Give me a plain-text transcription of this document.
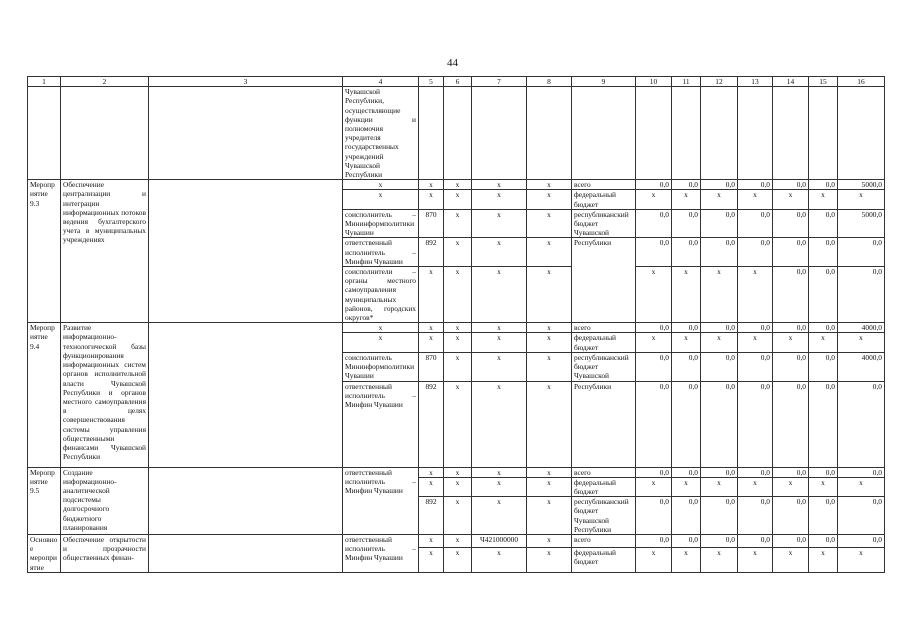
44
1	2	3	4	5	6	7	8	9	10	11	12	13	14	15	16
			Чувашской Республики, осуществляющие функции и полномочия учредителя государственных учреждений Чувашской Республики												
Мероприятие 9.3	Обеспечение централизации и интеграции информационных потоков ведения бухгалтерского учета в муниципальных учреждениях		x	x	x	x	x	всего	0,0	0,0	0,0	0,0	0,0	0,0	5000,0
			x	x	x	x	x	федеральный бюджет	x	x	x	x	x	x	x
			соисполнитель – Мининформполитики Чувашии	870	x	x	x	республиканский бюджет Чувашской	0,0	0,0	0,0	0,0	0,0	0,0	5000,0
			ответственный исполнитель – Минфин Чувашии	892	x	x	x	Республики	0,0	0,0	0,0	0,0	0,0	0,0	0,0
			соисполнители – органы местного самоуправления муниципальных районов, городских округов*	x	x	x	x		x	x	x	x	0,0	0,0	0,0
Мероприятие 9.4	Развитие информационно-технологической базы функционирования информационных систем органов исполнительной власти Чувашской Республики и органов местного самоуправления в целях совершенствования системы управления общественными финансами Чувашской Республики		x	x	x	x	x	всего	0,0	0,0	0,0	0,0	0,0	0,0	4000,0
			x	x	x	x	x	федеральный бюджет	x	x	x	x	x	x	x
			соисполнитель Мининформполитики Чувашии	870	x	x	x	республиканский бюджет Чувашской	0,0	0,0	0,0	0,0	0,0	0,0	4000,0
			ответственный исполнитель – Минфин Чувашии	892	x	x	x	Республики	0,0	0,0	0,0	0,0	0,0	0,0	0,0
Мероприятие 9.5	Создание информационно-аналитической подсистемы долгосрочного бюджетного планирования		ответственный исполнитель – Минфин Чувашии	x	x	x	x	всего	0,0	0,0	0,0	0,0	0,0	0,0	0,0
				x	x	x	x	федеральный бюджет	x	x	x	x	x	x	x
				892	x	x	x	республиканский бюджет Чувашской Республики	0,0	0,0	0,0	0,0	0,0	0,0	0,0
Основное мероприятие	Обеспечение открытости и прозрачности общественных финан-		ответственный исполнитель – Минфин Чувашии	x	x	Ч421000000	x	всего	0,0	0,0	0,0	0,0	0,0	0,0	0,0
				x	x	x	x	федеральный бюджет	x	x	x	x	x	x	x
